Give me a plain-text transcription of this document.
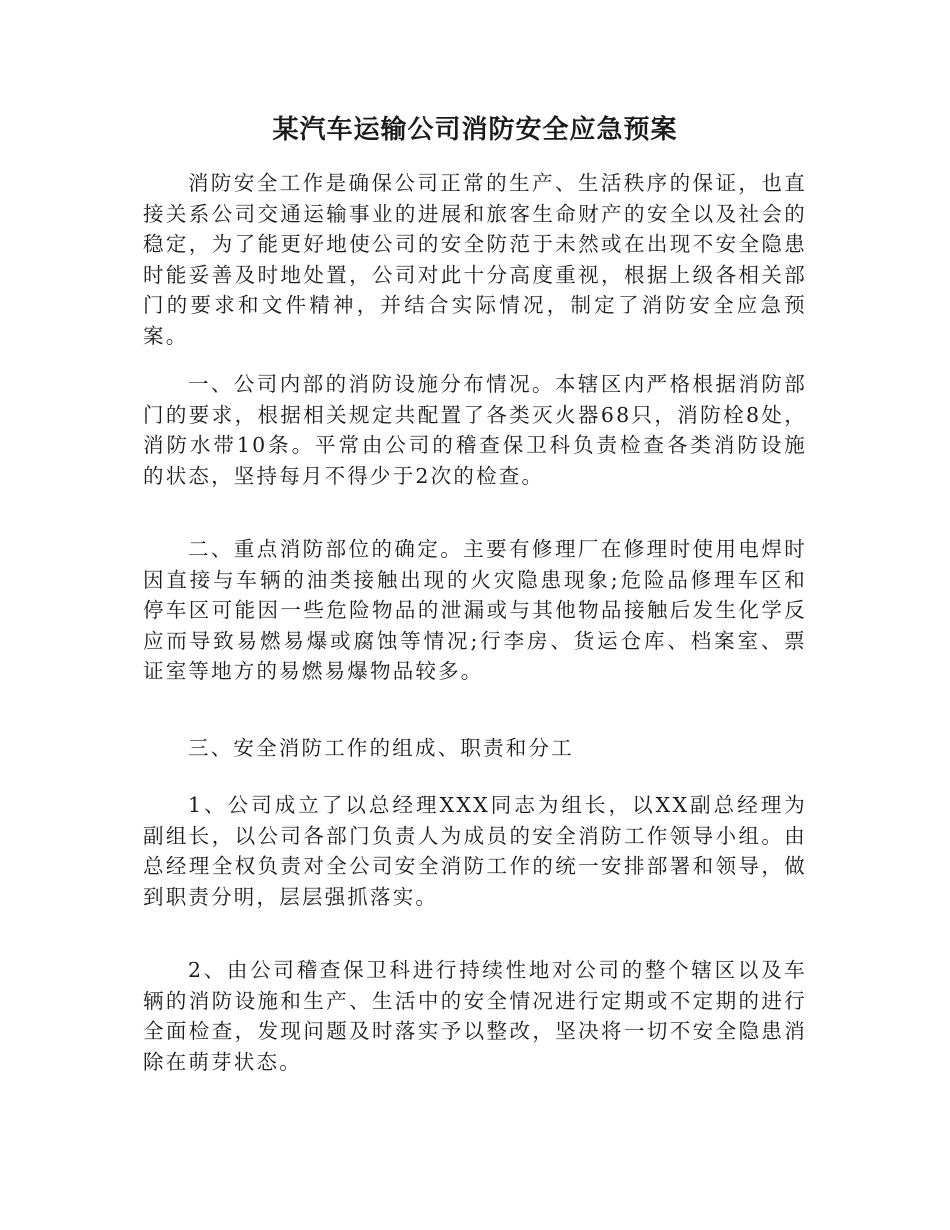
某汽车运输公司消防安全应急预案

消防安全工作是确保公司正常的生产、生活秩序的保证，也直接关系公司交通运输事业的进展和旅客生命财产的安全以及社会的稳定，为了能更好地使公司的安全防范于未然或在出现不安全隐患时能妥善及时地处置，公司对此十分高度重视，根据上级各相关部门的要求和文件精神，并结合实际情况，制定了消防安全应急预案。

一、公司内部的消防设施分布情况。本辖区内严格根据消防部门的要求，根据相关规定共配置了各类灭火器68只，消防栓8处，消防水带10条。平常由公司的稽查保卫科负责检查各类消防设施的状态，坚持每月不得少于2次的检查。

二、重点消防部位的确定。主要有修理厂在修理时使用电焊时因直接与车辆的油类接触出现的火灾隐患现象;危险品修理车区和停车区可能因一些危险物品的泄漏或与其他物品接触后发生化学反应而导致易燃易爆或腐蚀等情况;行李房、货运仓库、档案室、票证室等地方的易燃易爆物品较多。

三、安全消防工作的组成、职责和分工

1、公司成立了以总经理XXX同志为组长，以XX副总经理为副组长，以公司各部门负责人为成员的安全消防工作领导小组。由总经理全权负责对全公司安全消防工作的统一安排部署和领导，做到职责分明，层层强抓落实。

2、由公司稽查保卫科进行持续性地对公司的整个辖区以及车辆的消防设施和生产、生活中的安全情况进行定期或不定期的进行全面检查，发现问题及时落实予以整改，坚决将一切不安全隐患消除在萌芽状态。
